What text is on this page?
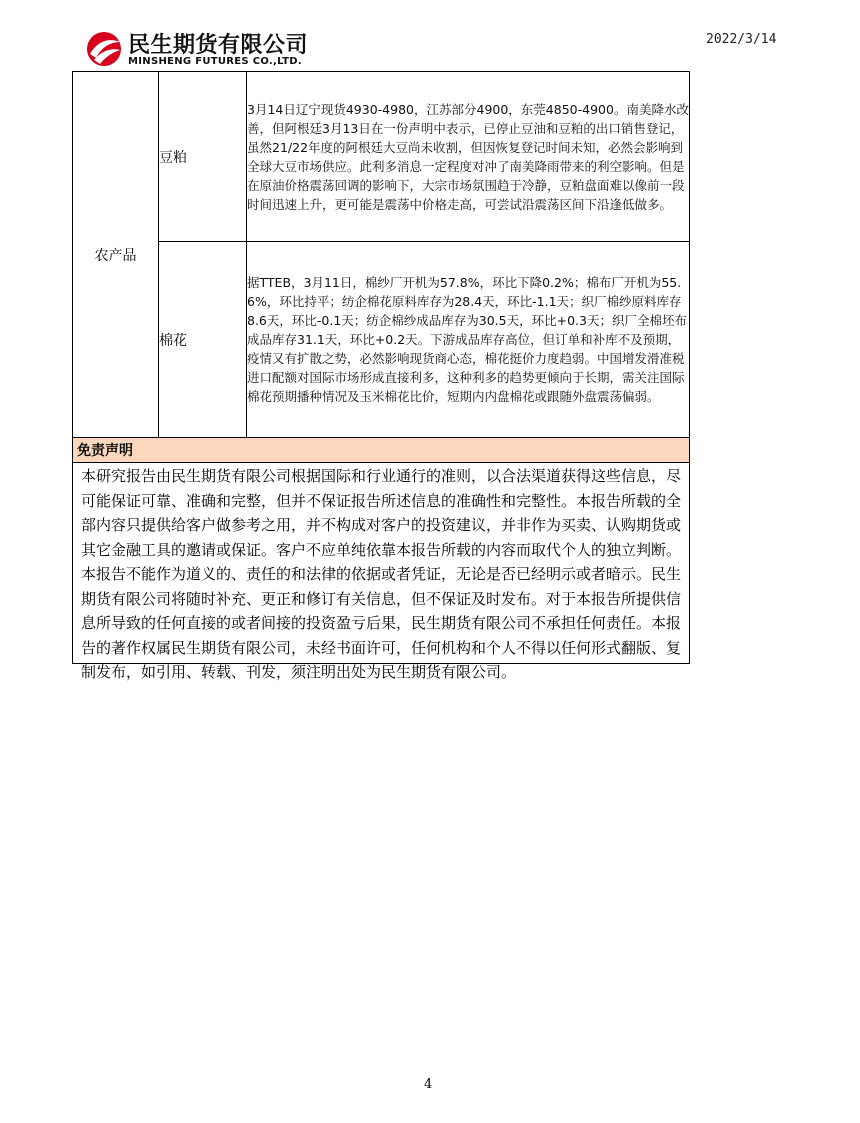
民生期货有限公司
MINSHENG FUTURES CO.,LTD.
2022/3/14
农产品	豆粕	3月14日辽宁现货4930-4980，江苏部分4900，东莞4850-4900。南美降水改善，但阿根廷3月13日在一份声明中表示，已停止豆油和豆粕的出口销售登记，虽然21/22年度的阿根廷大豆尚未收割，但因恢复登记时间未知，必然会影响到全球大豆市场供应。此利多消息一定程度对冲了南美降雨带来的利空影响。但是在原油价格震荡回调的影响下，大宗市场氛围趋于冷静，豆粕盘面难以像前一段时间迅速上升，更可能是震荡中价格走高，可尝试沿震荡区间下沿逢低做多。

	棉花	据TTEB，3月11日，棉纱厂开机为57.8%，环比下降0.2%；棉布厂开机为55.6%，环比持平；纺企棉花原料库存为28.4天，环比-1.1天；织厂棉纱原料库存8.6天，环比-0.1天；纺企棉纱成品库存为30.5天，环比+0.3天；织厂全棉坯布成品库存31.1天，环比+0.2天。下游成品库存高位，但订单和补库不及预期，疫情又有扩散之势，必然影响现货商心态，棉花挺价力度趋弱。中国增发滑准税进口配额对国际市场形成直接利多，这种利多的趋势更倾向于长期，需关注国际棉花预期播种情况及玉米棉花比价，短期内内盘棉花或跟随外盘震荡偏弱。
免责声明
本研究报告由民生期货有限公司根据国际和行业通行的准则，以合法渠道获得这些信息，尽可能保证可靠、准确和完整，但并不保证报告所述信息的准确性和完整性。本报告所载的全部内容只提供给客户做参考之用，并不构成对客户的投资建议，并非作为买卖、认购期货或其它金融工具的邀请或保证。客户不应单纯依靠本报告所载的内容而取代个人的独立判断。本报告不能作为道义的、责任的和法律的依据或者凭证，无论是否已经明示或者暗示。民生期货有限公司将随时补充、更正和修订有关信息，但不保证及时发布。对于本报告所提供信息所导致的任何直接的或者间接的投资盈亏后果，民生期货有限公司不承担任何责任。本报告的著作权属民生期货有限公司，未经书面许可，任何机构和个人不得以任何形式翻版、复制发布，如引用、转载、刊发，须注明出处为民生期货有限公司。
4
